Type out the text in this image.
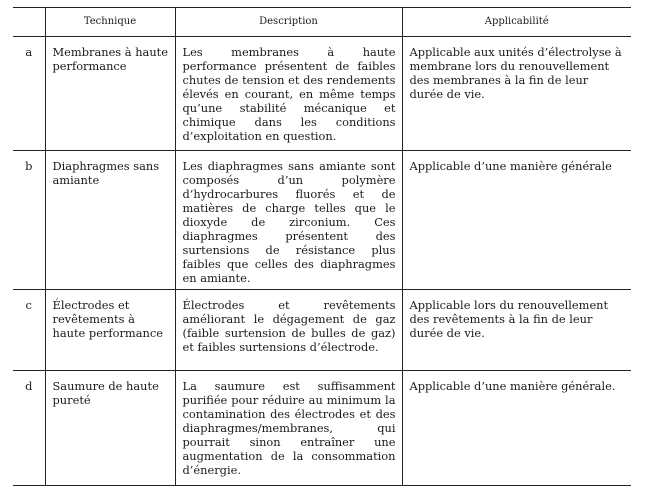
	Technique	Description	Applicabilité
a	Membranes à haute performance	Les membranes à haute performance présentent de faibles chutes de tension et des rendements élevés en courant, en même temps qu’une stabilité mécanique et chimique dans les conditions d’exploitation en question.	Applicable aux unités d’électrolyse à membrane lors du renouvellement des membranes à la fin de leur durée de vie.
b	Diaphragmes sans amiante	Les diaphragmes sans amiante sont composés d’un polymère d’hydrocarbures fluorés et de matières de charge telles que le dioxyde de zirconium. Ces diaphragmes présentent des surtensions de résistance plus faibles que celles des diaphragmes en amiante.	Applicable d’une manière générale
c	Électrodes et revêtements à haute performance	Électrodes et revêtements améliorant le dégagement de gaz (faible surtension de bulles de gaz) et faibles surtensions d’électrode.	Applicable lors du renouvellement des revêtements à la fin de leur durée de vie.
d	Saumure de haute pureté	La saumure est suffisamment purifiée pour réduire au minimum la contamination des électrodes et des diaphragmes/membranes, qui pourrait sinon entraîner une augmentation de la consommation d’énergie.	Applicable d’une manière générale.
